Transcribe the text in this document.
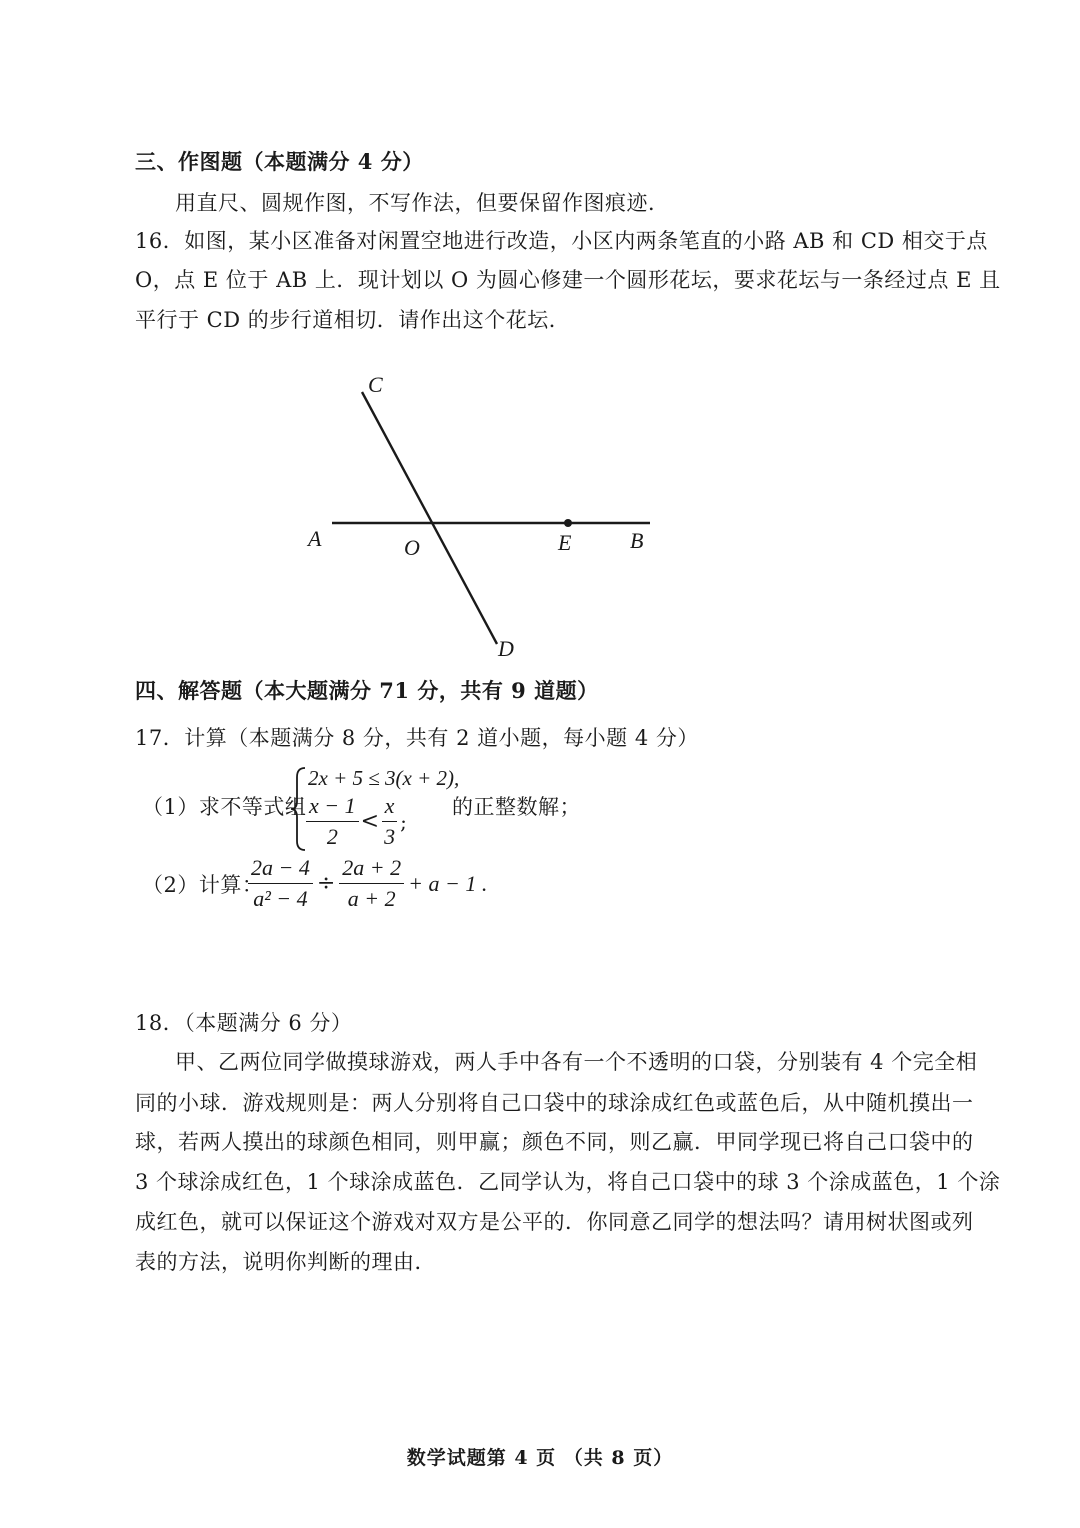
三、作图题（本题满分 4 分）
用直尺、圆规作图，不写作法，但要保留作图痕迹．
16．如图，某小区准备对闲置空地进行改造，小区内两条笔直的小路 AB 和 CD 相交于点
O，点 E 位于 AB 上．现计划以 O 为圆心修建一个圆形花坛，要求花坛与一条经过点 E 且
平行于 CD 的步行道相切．请作出这个花坛．
C
A	O	E	B
D
四、解答题（本大题满分 71 分，共有 9 道题）
17．计算（本题满分 8 分，共有 2 道小题，每小题 4 分）
（1）求不等式组
2x + 5 ≤ 3(x + 2),
$\frac{x - 1}{2} < \frac{x}{3}$ ;
的正整数解；
（2）计算：
$\frac{2a - 4}{\text{a² − 4}} \div \frac{2a + 2}{a + 2} + a - 1$ .
18．（本题满分 6 分）
甲、乙两位同学做摸球游戏，两人手中各有一个不透明的口袋，分别装有 4 个完全相
同的小球．游戏规则是：两人分别将自己口袋中的球涂成红色或蓝色后，从中随机摸出一
球，若两人摸出的球颜色相同，则甲赢；颜色不同，则乙赢．甲同学现已将自己口袋中的
3 个球涂成红色，1 个球涂成蓝色．乙同学认为，将自己口袋中的球 3 个涂成蓝色，1 个涂
成红色，就可以保证这个游戏对双方是公平的．你同意乙同学的想法吗？请用树状图或列
表的方法，说明你判断的理由．
数学试题第 4 页 （共 8 页）
